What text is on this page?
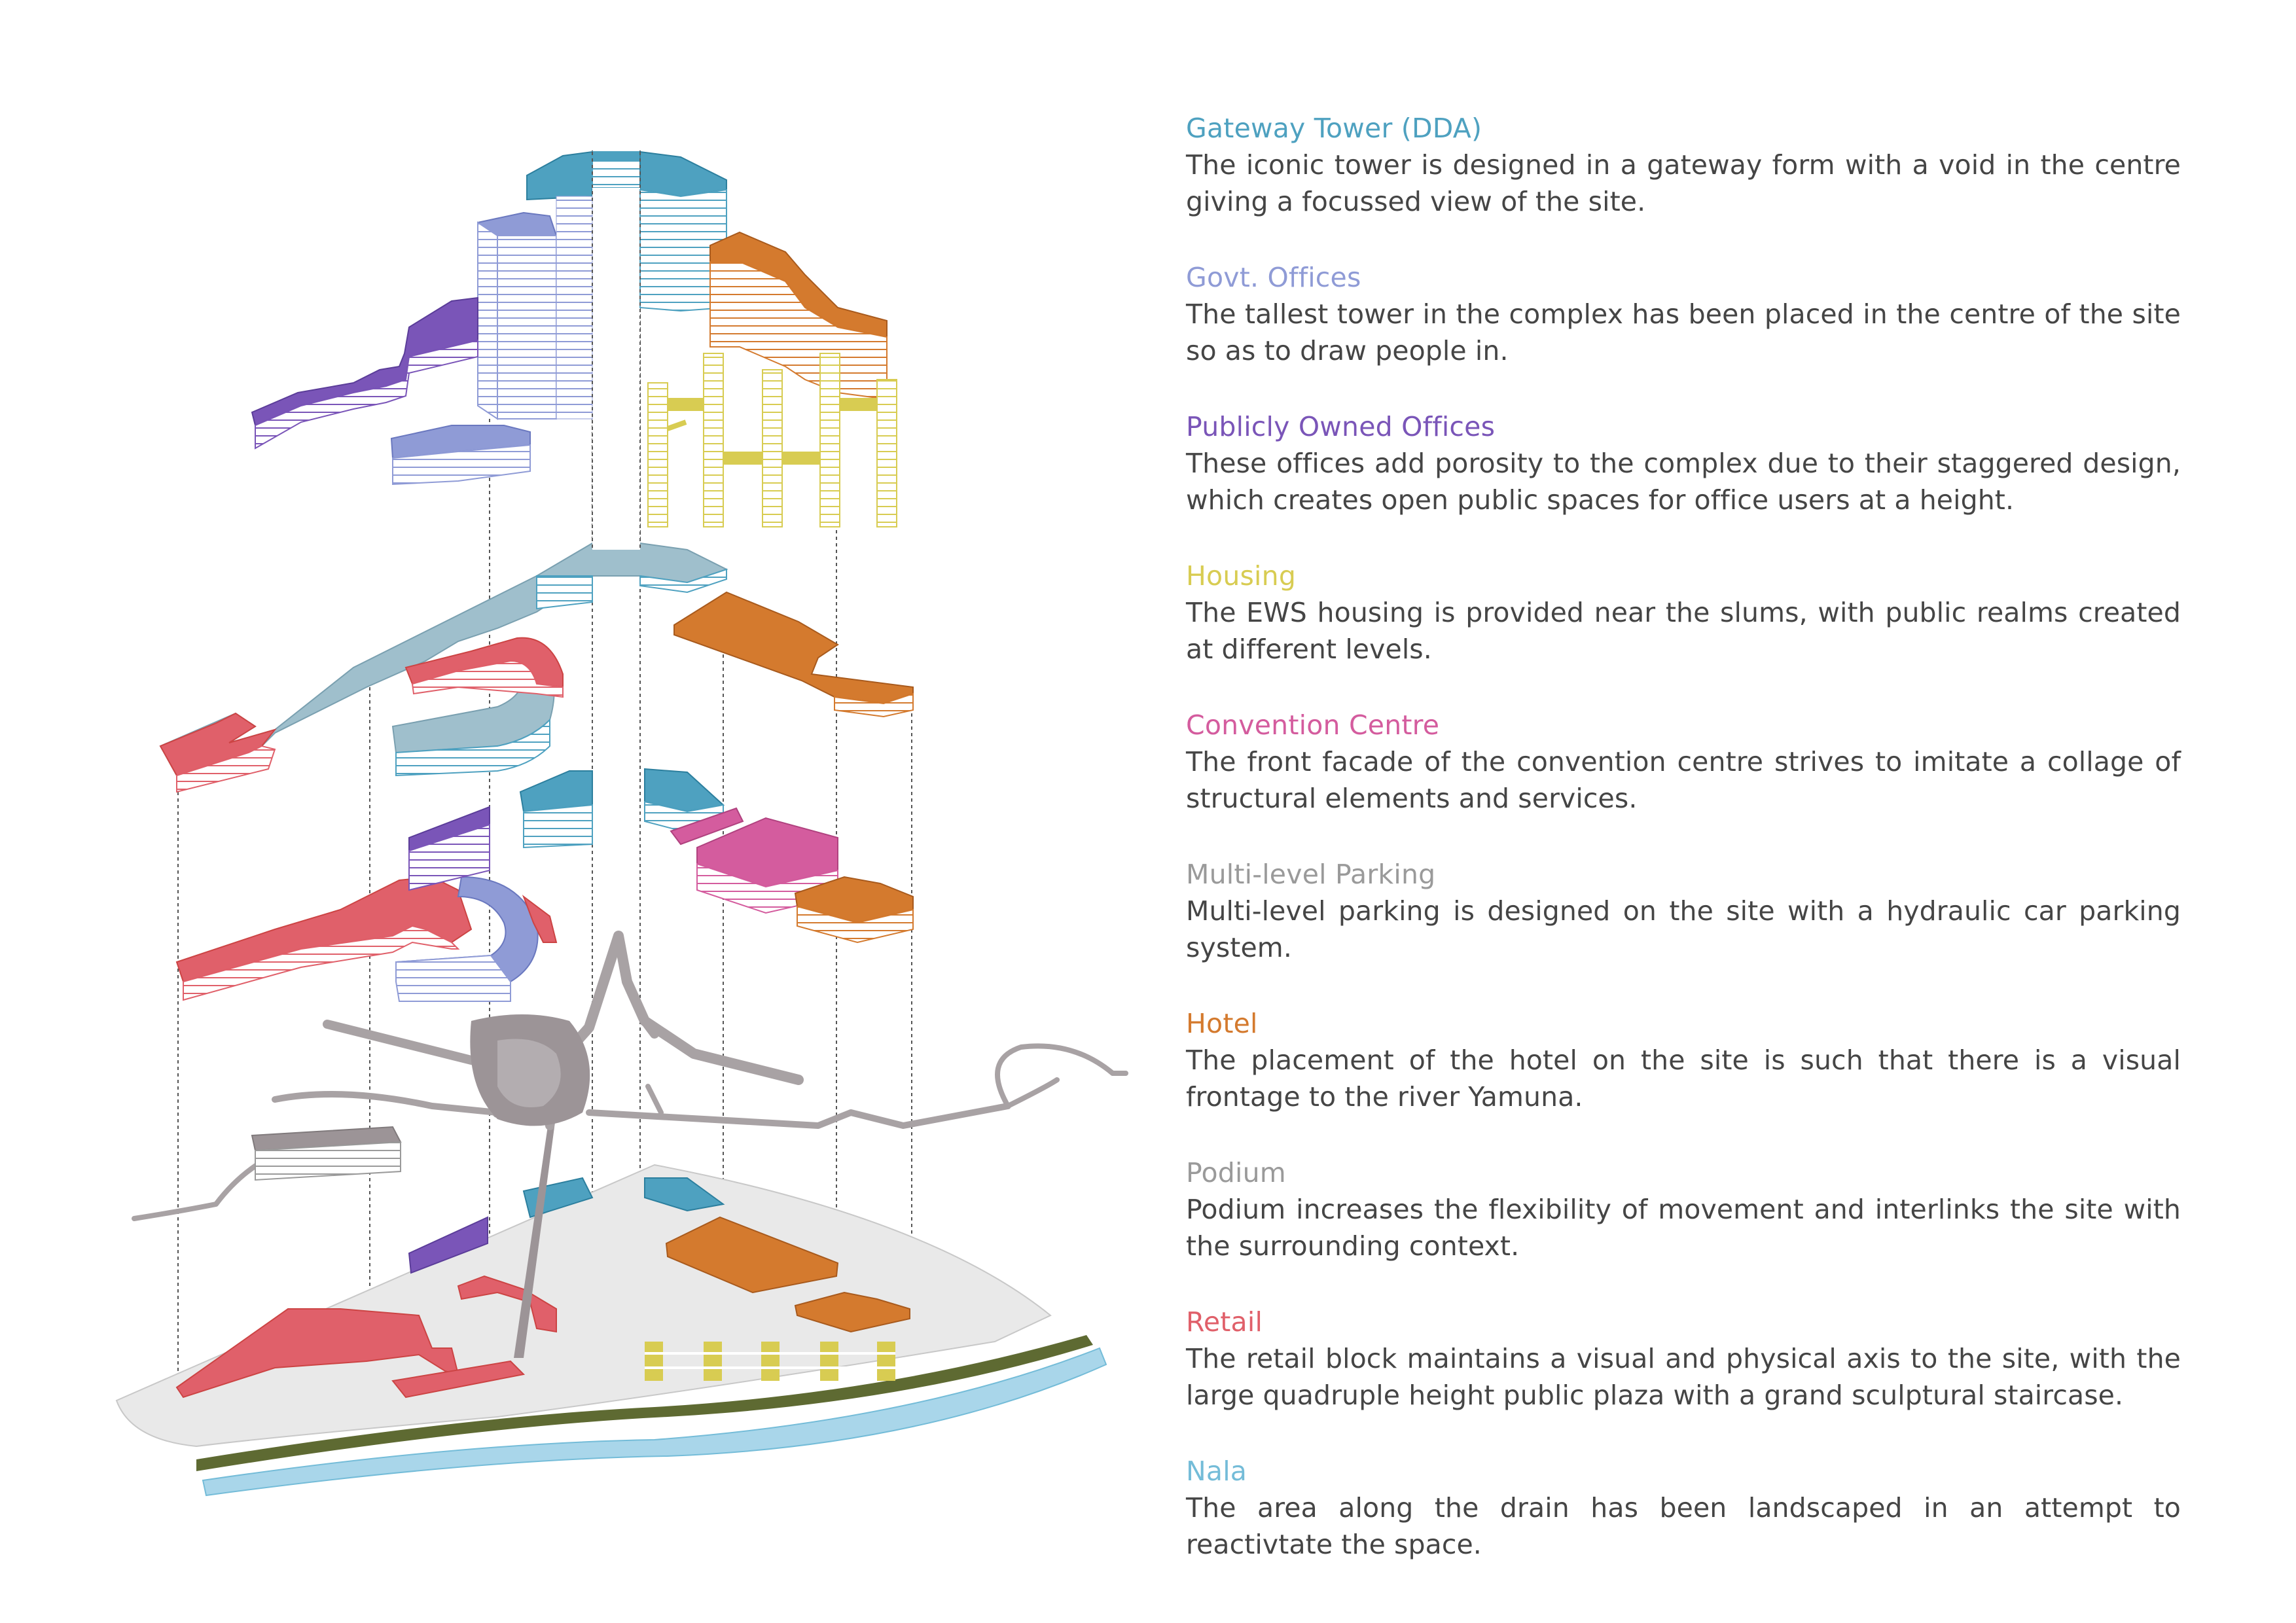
Gateway Tower (DDA)
The iconic tower is designed in a gateway form with a void in the centre giving a focussed view of the site.
Govt. Offices
The tallest tower in the complex has been placed in the centre of the site so as to draw people in.
Publicly Owned Offices
These offices add porosity to the complex due to their staggered design, which creates open public spaces for office users at a height.
Housing
The EWS housing is provided near the slums, with public realms created at different levels.
Convention Centre
The front facade of the convention centre strives to imitate a collage of structural elements and services.
Multi-level Parking
Multi-level parking is designed on the site with a hydraulic car parking system.
Hotel
The placement of the hotel on the site is such that there is a visual frontage to the river Yamuna.
Podium
Podium increases the flexibility of movement and interlinks the site with the surrounding context.
Retail
The retail block maintains a visual and physical axis to the site, with the large quadruple height public plaza with a grand sculptural staircase.
Nala
The area along the drain has been landscaped in an attempt to reactivtate the space.
